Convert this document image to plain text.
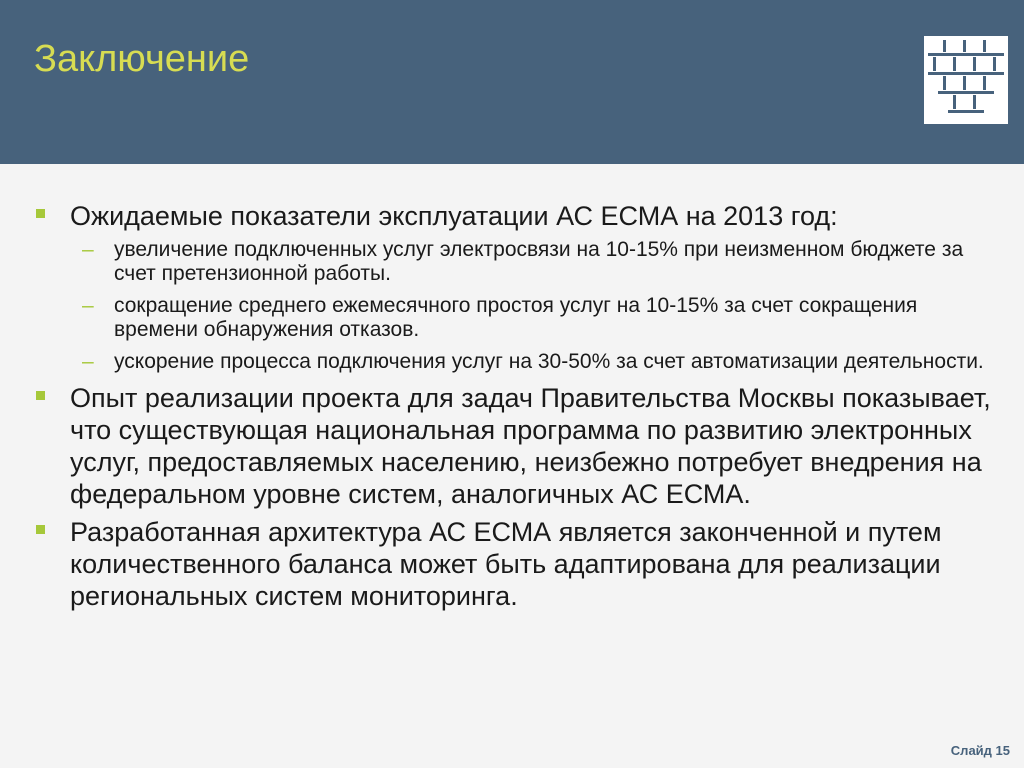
Заключение
Ожидаемые показатели эксплуатации АС ЕСМА на 2013 год:
– увеличение подключенных услуг электросвязи на 10-15% при неизменном бюджете за счет претензионной работы.
– сокращение среднего ежемесячного простоя услуг на 10-15% за счет сокращения времени обнаружения отказов.
– ускорение процесса подключения услуг на 30-50% за счет автоматизации деятельности.
Опыт реализации проекта для задач Правительства Москвы показывает, что существующая национальная программа по развитию электронных услуг, предоставляемых населению, неизбежно потребует внедрения на федеральном уровне систем, аналогичных АС ЕСМА.
Разработанная архитектура АС ЕСМА является законченной и путем количественного баланса может быть адаптирована для реализации региональных систем мониторинга.
Слайд 15
